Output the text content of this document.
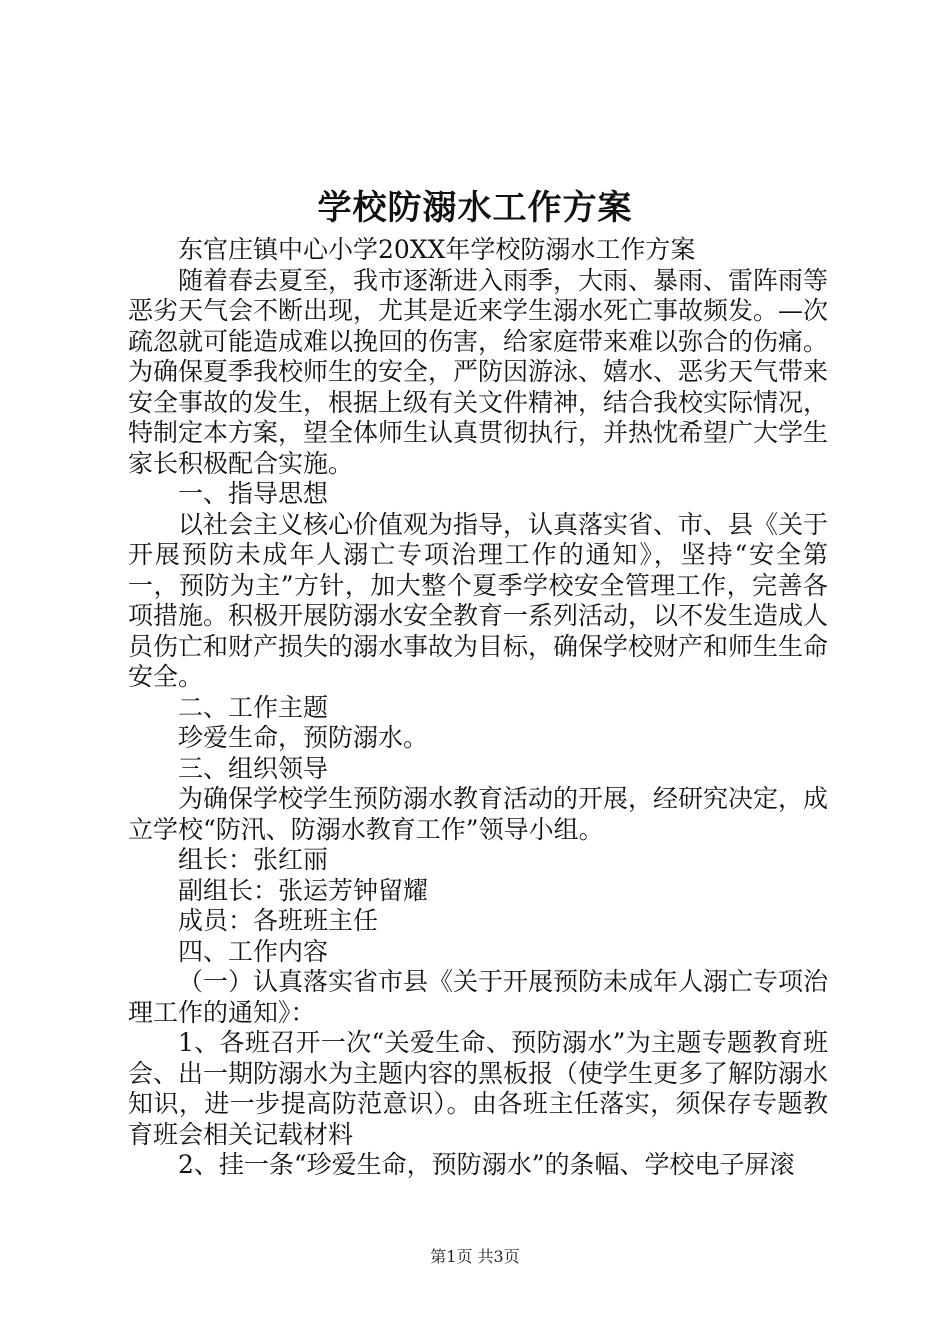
学校防溺水工作方案

东官庄镇中心小学20XX年学校防溺水工作方案

随着春去夏至，我市逐渐进入雨季，大雨、暴雨、雷阵雨等恶劣天气会不断出现，尤其是近来学生溺水死亡事故频发。—次疏忽就可能造成难以挽回的伤害，给家庭带来难以弥合的伤痛。为确保夏季我校师生的安全，严防因游泳、嬉水、恶劣天气带来安全事故的发生，根据上级有关文件精神，结合我校实际情况，特制定本方案，望全体师生认真贯彻执行，并热忱希望广大学生家长积极配合实施。

一、指导思想

以社会主义核心价值观为指导，认真落实省、市、县《关于开展预防未成年人溺亡专项治理工作的通知》，坚持“安全第一，预防为主”方针，加大整个夏季学校安全管理工作，完善各项措施。积极开展防溺水安全教育一系列活动，以不发生造成人员伤亡和财产损失的溺水事故为目标，确保学校财产和师生生命安全。

二、工作主题

珍爱生命，预防溺水。

三、组织领导

为确保学校学生预防溺水教育活动的开展，经研究决定，成立学校“防汛、防溺水教育工作”领导小组。

组长：张红丽

副组长：张运芳钟留耀

成员：各班班主任

四、工作内容

（一）认真落实省市县《关于开展预防未成年人溺亡专项治理工作的通知》：

1、各班召开一次“关爱生命、预防溺水”为主题专题教育班会、出一期防溺水为主题内容的黑板报（使学生更多了解防溺水知识，进一步提高防范意识）。由各班主任落实，须保存专题教育班会相关记载材料

2、挂一条“珍爱生命，预防溺水”的条幅、学校电子屏滚

第1页 共3页
